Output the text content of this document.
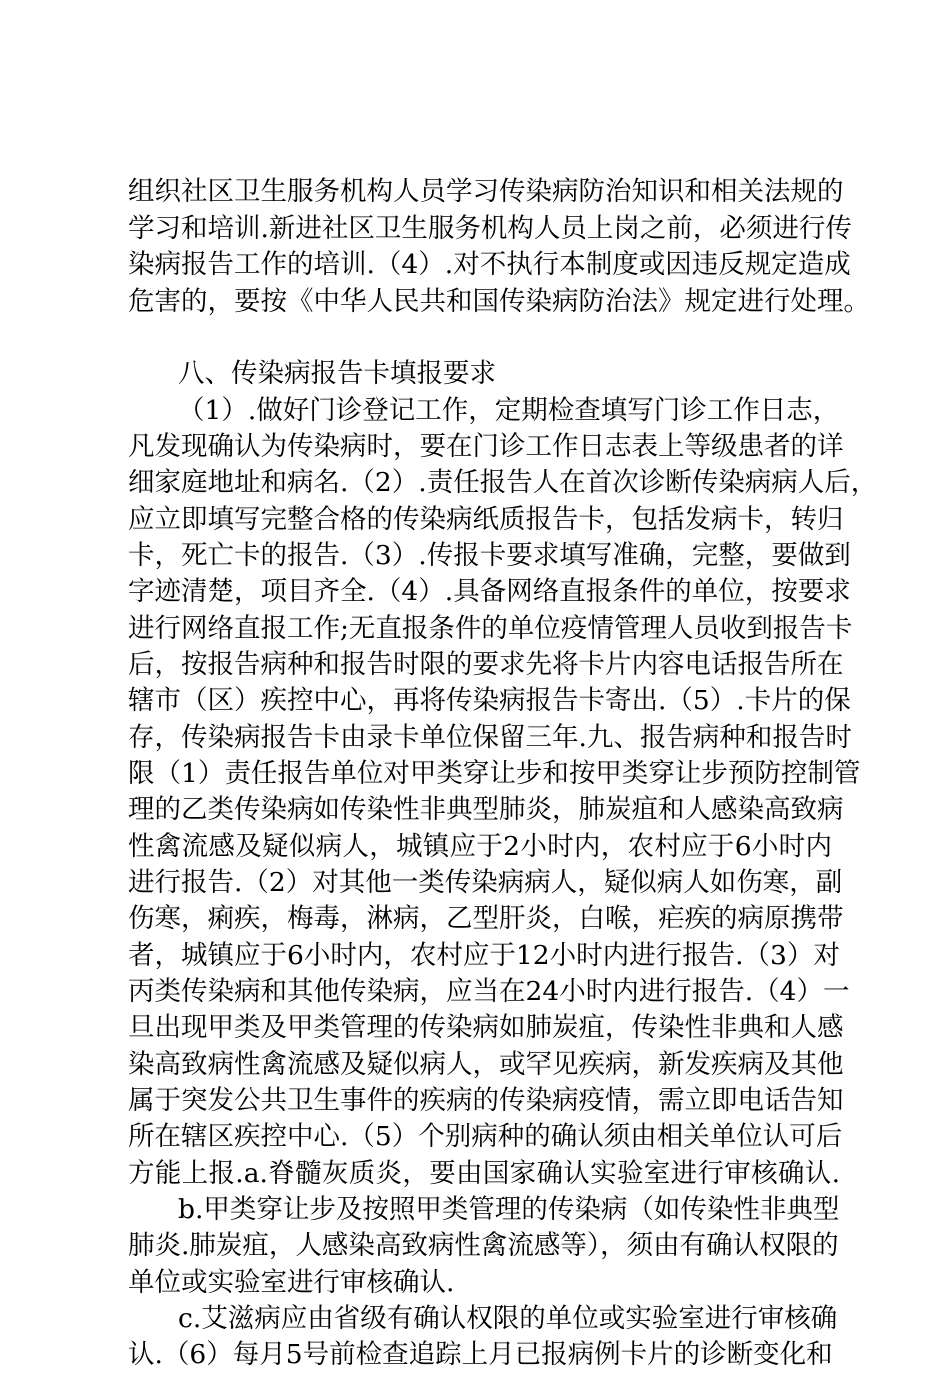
组织社区卫生服务机构人员学习传染病防治知识和相关法规的
学习和培训.新进社区卫生服务机构人员上岗之前，必须进行传
染病报告工作的培训.（4）.对不执行本制度或因违反规定造成
危害的，要按《中华人民共和国传染病防治法》规定进行处理。
八、传染病报告卡填报要求
（1）.做好门诊登记工作，定期检查填写门诊工作日志，
凡发现确认为传染病时，要在门诊工作日志表上等级患者的详
细家庭地址和病名.（2）.责任报告人在首次诊断传染病病人后，
应立即填写完整合格的传染病纸质报告卡，包括发病卡，转归
卡，死亡卡的报告.（3）.传报卡要求填写准确，完整，要做到
字迹清楚，项目齐全.（4）.具备网络直报条件的单位，按要求
进行网络直报工作;无直报条件的单位疫情管理人员收到报告卡
后，按报告病种和报告时限的要求先将卡片内容电话报告所在
辖市（区）疾控中心，再将传染病报告卡寄出.（5）.卡片的保
存，传染病报告卡由录卡单位保留三年.九、报告病种和报告时
限（1）责任报告单位对甲类穿让步和按甲类穿让步预防控制管
理的乙类传染病如传染性非典型肺炎，肺炭疽和人感染高致病
性禽流感及疑似病人，城镇应于2小时内，农村应于6小时内
进行报告.（2）对其他一类传染病病人，疑似病人如伤寒，副
伤寒，痢疾，梅毒，淋病，乙型肝炎，白喉，疟疾的病原携带
者，城镇应于6小时内，农村应于12小时内进行报告.（3）对
丙类传染病和其他传染病，应当在24小时内进行报告.（4）一
旦出现甲类及甲类管理的传染病如肺炭疽，传染性非典和人感
染高致病性禽流感及疑似病人，或罕见疾病，新发疾病及其他
属于突发公共卫生事件的疾病的传染病疫情，需立即电话告知
所在辖区疾控中心.（5）个别病种的确认须由相关单位认可后
方能上报.a.脊髓灰质炎，要由国家确认实验室进行审核确认.
b.甲类穿让步及按照甲类管理的传染病（如传染性非典型
肺炎.肺炭疽，人感染高致病性禽流感等），须由有确认权限的
单位或实验室进行审核确认.
c.艾滋病应由省级有确认权限的单位或实验室进行审核确
认.（6）每月5号前检查追踪上月已报病例卡片的诊断变化和
